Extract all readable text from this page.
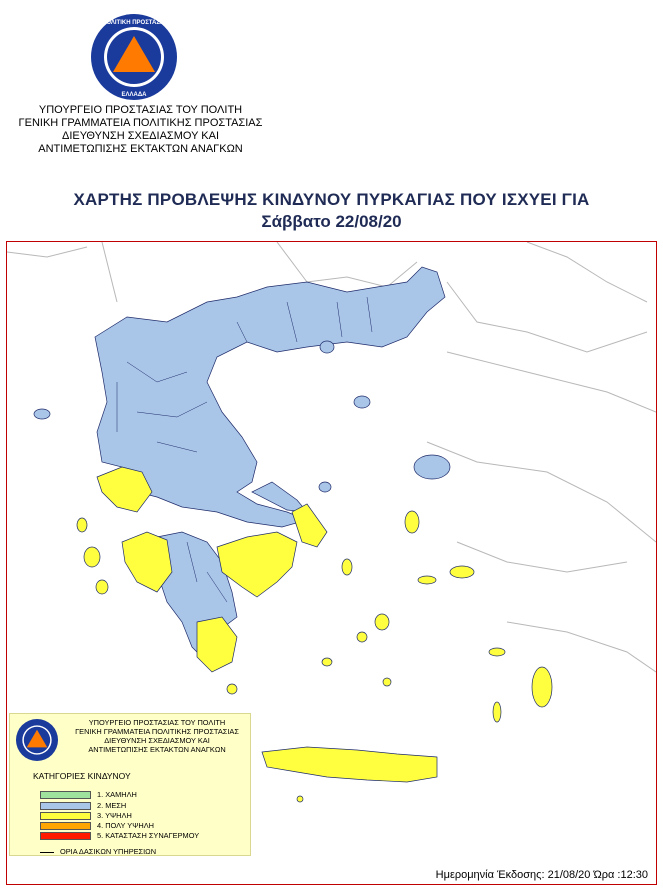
ΠΟΛΙΤΙΚΗ ΠΡΟΣΤΑΣΙΑ
ΕΛΛΑΔΑ
ΥΠΟΥΡΓΕΙΟ ΠΡΟΣΤΑΣΙΑΣ ΤΟΥ ΠΟΛΙΤΗ
ΓΕΝΙΚΗ ΓΡΑΜΜΑΤΕΙΑ ΠΟΛΙΤΙΚΗΣ ΠΡΟΣΤΑΣΙΑΣ
ΔΙΕΥΘΥΝΣΗ ΣΧΕΔΙΑΣΜΟΥ ΚΑΙ
ΑΝΤΙΜΕΤΩΠΙΣΗΣ ΕΚΤΑΚΤΩΝ ΑΝΑΓΚΩΝ
ΧΑΡΤΗΣ ΠΡΟΒΛΕΨΗΣ ΚΙΝΔΥΝΟΥ ΠΥΡΚΑΓΙΑΣ ΠΟΥ ΙΣΧΥΕΙ ΓΙΑ
Σάββατο 22/08/20
ΥΠΟΥΡΓΕΙΟ ΠΡΟΣΤΑΣΙΑΣ ΤΟΥ ΠΟΛΙΤΗ
ΓΕΝΙΚΗ ΓΡΑΜΜΑΤΕΙΑ ΠΟΛΙΤΙΚΗΣ ΠΡΟΣΤΑΣΙΑΣ
ΔΙΕΥΘΥΝΣΗ ΣΧΕΔΙΑΣΜΟΥ ΚΑΙ
ΑΝΤΙΜΕΤΩΠΙΣΗΣ ΕΚΤΑΚΤΩΝ ΑΝΑΓΚΩΝ
ΚΑΤΗΓΟΡΙΕΣ ΚΙΝΔΥΝΟΥ
1. ΧΑΜΗΛΗ
2. ΜΕΣΗ
3. ΥΨΗΛΗ
4. ΠΟΛΥ ΥΨΗΛΗ
5. ΚΑΤΑΣΤΑΣΗ ΣΥΝΑΓΕΡΜΟΥ
ΟΡΙΑ ΔΑΣΙΚΩΝ ΥΠΗΡΕΣΙΩΝ
Ημερομηνία Έκδοσης: 21/08/20 Ώρα :12:30
